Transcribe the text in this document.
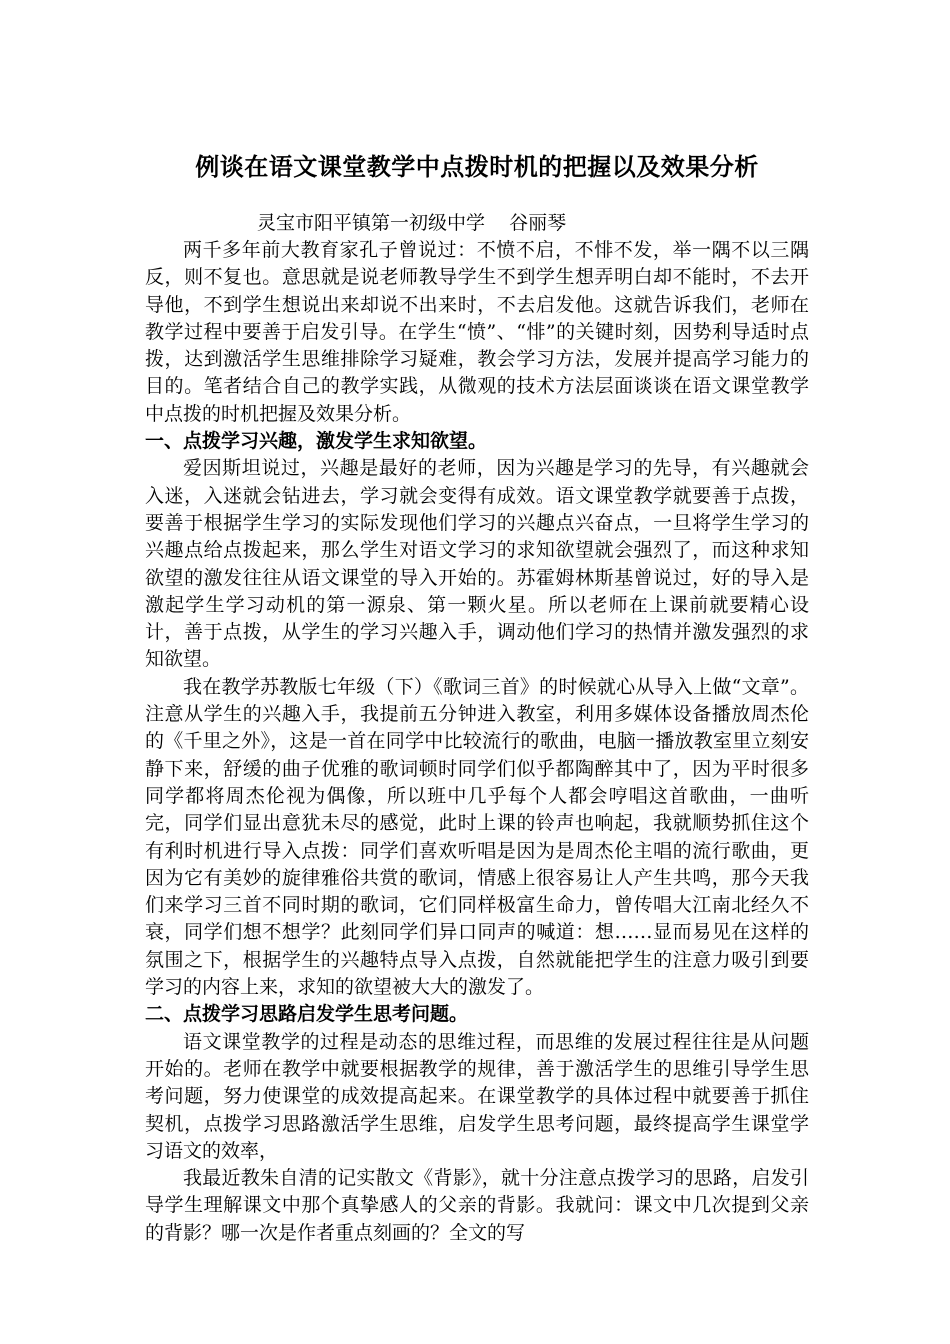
例谈在语文课堂教学中点拨时机的把握以及效果分析

灵宝市阳平镇第一初级中学    谷丽琴

两千多年前大教育家孔子曾说过：不愤不启，不悱不发，举一隅不以三隅反，则不复也。意思就是说老师教导学生不到学生想弄明白却不能时，不去开导他，不到学生想说出来却说不出来时，不去启发他。这就告诉我们，老师在教学过程中要善于启发引导。在学生“愤”、“悱”的关键时刻，因势利导适时点拨，达到激活学生思维排除学习疑难，教会学习方法，发展并提高学习能力的目的。笔者结合自己的教学实践，从微观的技术方法层面谈谈在语文课堂教学中点拨的时机把握及效果分析。

一、点拨学习兴趣，激发学生求知欲望。

爱因斯坦说过，兴趣是最好的老师，因为兴趣是学习的先导，有兴趣就会入迷，入迷就会钻进去，学习就会变得有成效。语文课堂教学就要善于点拨，要善于根据学生学习的实际发现他们学习的兴趣点兴奋点，一旦将学生学习的兴趣点给点拨起来，那么学生对语文学习的求知欲望就会强烈了，而这种求知欲望的激发往往从语文课堂的导入开始的。苏霍姆林斯基曾说过，好的导入是激起学生学习动机的第一源泉、第一颗火星。所以老师在上课前就要精心设计，善于点拨，从学生的学习兴趣入手，调动他们学习的热情并激发强烈的求知欲望。

我在教学苏教版七年级（下）《歌词三首》的时候就心从导入上做“文章”。注意从学生的兴趣入手，我提前五分钟进入教室，利用多媒体设备播放周杰伦的《千里之外》，这是一首在同学中比较流行的歌曲，电脑一播放教室里立刻安静下来，舒缓的曲子优雅的歌词顿时同学们似乎都陶醉其中了，因为平时很多同学都将周杰伦视为偶像，所以班中几乎每个人都会哼唱这首歌曲，一曲听完，同学们显出意犹未尽的感觉，此时上课的铃声也响起，我就顺势抓住这个有利时机进行导入点拨：同学们喜欢听唱是因为是周杰伦主唱的流行歌曲，更因为它有美妙的旋律雅俗共赏的歌词，情感上很容易让人产生共鸣，那今天我们来学习三首不同时期的歌词，它们同样极富生命力，曾传唱大江南北经久不衰，同学们想不想学？此刻同学们异口同声的喊道：想……显而易见在这样的氛围之下，根据学生的兴趣特点导入点拨，自然就能把学生的注意力吸引到要学习的内容上来，求知的欲望被大大的激发了。

二、点拨学习思路启发学生思考问题。

语文课堂教学的过程是动态的思维过程，而思维的发展过程往往是从问题开始的。老师在教学中就要根据教学的规律，善于激活学生的思维引导学生思考问题，努力使课堂的成效提高起来。在课堂教学的具体过程中就要善于抓住契机，点拨学习思路激活学生思维，启发学生思考问题，最终提高学生课堂学习语文的效率，

我最近教朱自清的记实散文《背影》，就十分注意点拨学习的思路，启发引导学生理解课文中那个真挚感人的父亲的背影。我就问：课文中几次提到父亲的背影？哪一次是作者重点刻画的？全文的写
